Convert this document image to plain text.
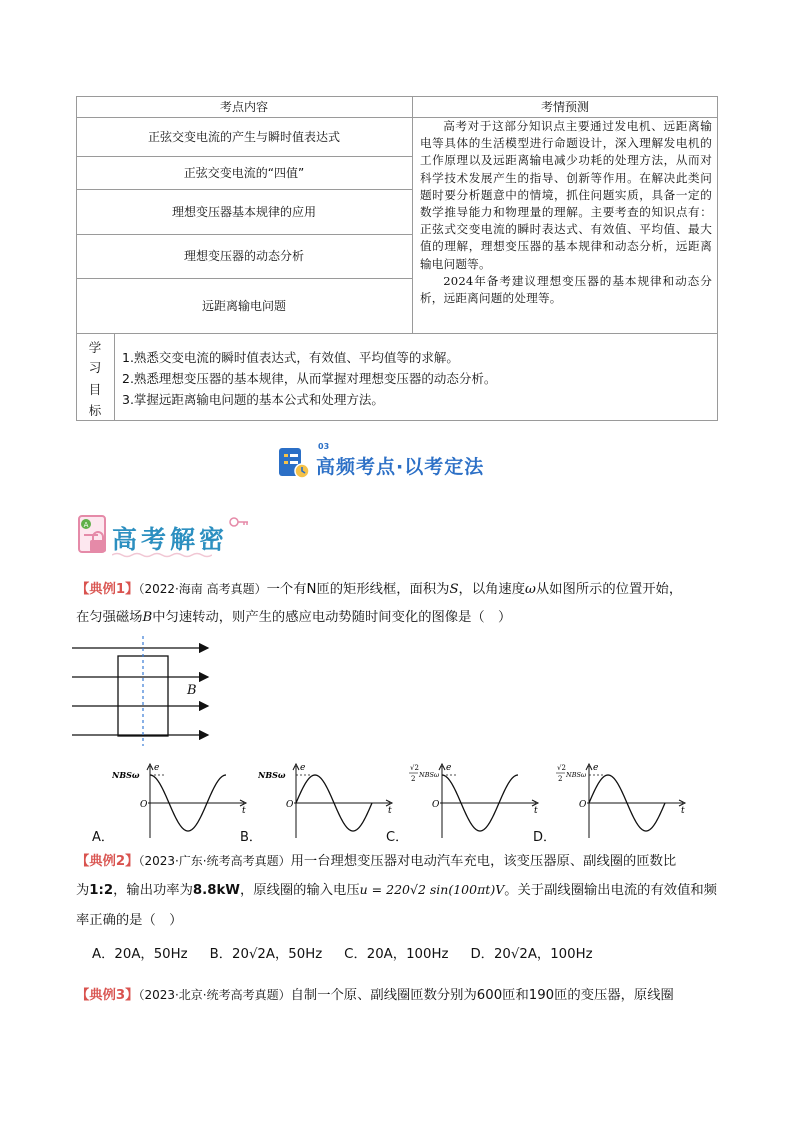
考点内容	考情预测
正弦交变电流的产生与瞬时值表达式
正弦交变电流的“四值”
理想变压器基本规律的应用
理想变压器的动态分析
远距离输电问题

高考对于这部分知识点主要通过发电机、远距离输电等具体的生活模型进行命题设计，深入理解发电机的工作原理以及远距离输电减少功耗的处理方法，从而对科学技术发展产生的指导、创新等作用。在解决此类问题时要分析题意中的情境，抓住问题实质，具备一定的数学推导能力和物理量的理解。主要考查的知识点有：正弦式交变电流的瞬时表达式、有效值、平均值、最大值的理解，理想变压器的基本规律和动态分析，远距离输电问题等。

2024年备考建议理想变压器的基本规律和动态分析，远距离问题的处理等。

学
习
目
标
1.熟悉交变电流的瞬时值表达式，有效值、平均值等的求解。
2.熟悉理想变压器的基本规律，从而掌握对理想变压器的动态分析。
3.掌握远距离输电问题的基本公式和处理方法。
03
高频考点·以考定法
A 高考解密
【典例1】（2022·海南 高考真题）一个有N匝的矩形线框，面积为S，以角速度ω从如图所示的位置开始，
在匀强磁场B中匀速转动，则产生的感应电动势随时间变化的图像是（　）
B
e
t
O
NBSω
e
t
O
NBSω
e
t
O
√2
2 NBSω
e
t
O
√2
2 NBSω
A．	B．	C．	D．
【典例2】（2023·广东·统考高考真题）用一台理想变压器对电动汽车充电，该变压器原、副线圈的匝数比
为1:2，输出功率为8.8kW，原线圈的输入电压u = 220√2 sin(100πt)V。关于副线圈输出电流的有效值和频
率正确的是（　）
A．20A，50Hz B．20√2A，50Hz C．20A，100Hz D．20√2A，100Hz
【典例3】（2023·北京·统考高考真题）自制一个原、副线圈匝数分别为600匝和190匝的变压器，原线圈
